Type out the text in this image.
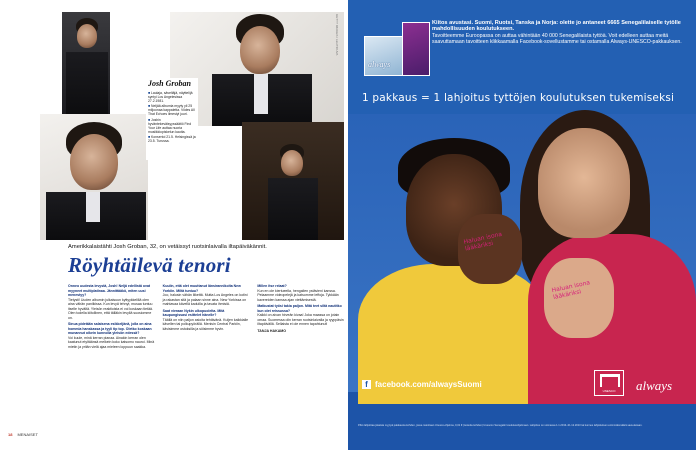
GETTY IMAGES / LEHTIKUVA
Josh Groban
■ Laulaja, säveltäjä, näyttelijä syntyi Los Angelesissa 27.2.1981.
■ Neljää albumia myyty yli 25 miljoonaa kappaletta. Viides All That Echoes ilmestyi juuri.
■ Joshin hyväntekeväisyyssäätiö Find Your Life auttaa nuoria musiikkiopiskelun kautta.
■ Konsertoi 21.5. Helsingissä ja 23.5. Turussa.
Amerikkalaistähti Josh Groban, 32, on vetäissyt ruotsinlaivalla iltapäiväkännit.
Röyhtäilevä tenori
Onneo uudesta levystä, Josh! Neljä edellistä ovat myyneet multiplatinaa. Jännittääkö, miten uusi menestyy?

Tietysti! Uuden albumin julkaisuun kyttyykkelillä olen aina vähän paniikissa. Kun levyä tehnyt, musaa tuntuu itselle hyvältä. Yleisön reaktioista ei voi koskaan tietää. Olen todella kiitollinen, että tälläkin levyllä suosiomme on.

Sinua pidetään salaisena esikkeljänä, jolla on aina hommia hanskassa ja tyyli tip top. Oletko koskaan munannut oikein kunnolla yleisön edessä?

Voi kuule, minä kerran pianaa. Ainakin kerran olen kaatunut etyltäänsä melkein koko katsomo nauroi. Minä mietin ja yritän vielä ajaa mieleen loppuun saakka.

Kuulin, että olet muuttanut länsirannikolta New Yorkiin. Miltä tuntuu?

Joo, halusin vähän liikettä. Mutta Los Angeles on kotini ja rakastan sitä ja palaan sinne aina. New Yorkissa on mahtavaa kävellä kaduilla ja tavata ihmisiä.

Saat vieraan Nykin ulkopuolelta. Mitä kaupungissasi esittelet hänelle?

Täällä on niin paljon asioita tehtävänä. Kuljen kaikkialle kävellen tai polkupyörällä. Menisin Central Parkiin, kävisimme ostoksilla ja söisimme hyvin.

Millen itse relaat?

Kun en ole kiertueella, hengailen ystävieni kanssa. Pelaamme videopelejä ja katsomme leffoja. Tykkään kavereiden kanssa ajan viettämisestä.

Matkustat työsi takia paljon. Mitä teet siltä nautitko kun olet reissussa?

Kaikki on aivan hirveän kivaa! Joka maassa on jotain omaa. Suomessa olin kerran ruotsinlaivalla ja ryyppäsin iltapäivällä. Sellaista ei ole ennen tapahtunut!

TANJA HAKAMO
18 MENAISET
always
Kiitos avustasi. Suomi, Ruotsi, Tanska ja Norja: olette jo antaneet 6665 Senegalilaiselle tytölle mahdollisuuden koulutukseen.
Tavoitteemme Euroopassa on auttaa vähintään 40 000 Senegalilaista tyttöä. Voit edelleen auttaa meitä saavuttamaan tavoitteen klikkaamalla Facebook-sovellustamme tai ostamalla Always-UNESCO-pakkauksen.
1 pakkaus = 1 lahjoitus tyttöjen koulutuksen tukemiseksi
Haluan isona lääkäriksi
Haluan isona lääkäriksi
f facebook.com/alwaysSuomi
UNESCO	always
P&G lahjoittaa jokaista myytyä pakkausta kohden, jossa mainitaan Unesco-ohjelma, 0,01 € (tuotetta kohden) Unescon Senegalin koulutusohjelmaan. Lahjoitus on voimassa 1.1.2013–31.12.2013 tai kunnes lahjoituksen enimmäismäärä saavutetaan.
